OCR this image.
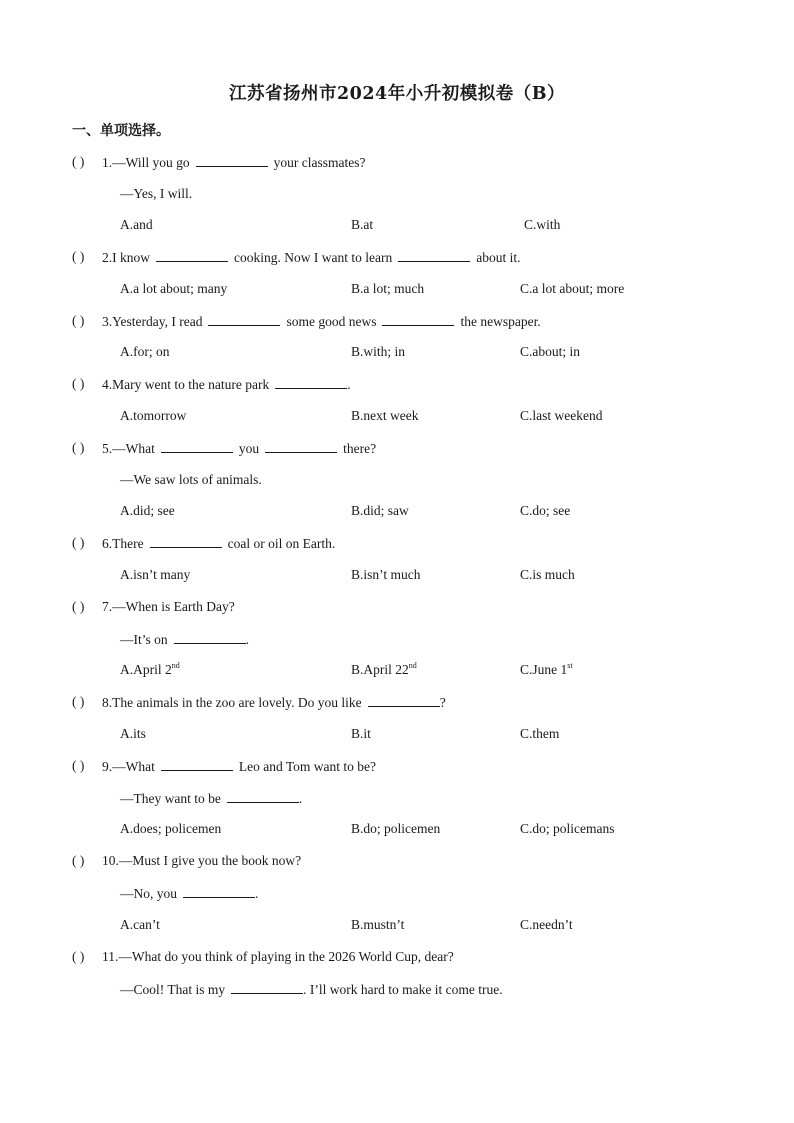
江苏省扬州市2024年小升初模拟卷（B）
一、单项选择。
( ) 1.—Will you go	your classmates?
—Yes, I will.
A.and	B.at	C.with
( ) 2.I know	cooking. Now I want to learn	about it.
A.a lot about; many	B.a lot; much	C.a lot about; more
( ) 3.Yesterday, I read	some good news	the newspaper.
A.for; on	B.with; in	C.about; in
( ) 4.Mary went to the nature park	.
A.tomorrow	B.next week	C.last weekend
( ) 5.—What	you	there?
—We saw lots of animals.
A.did; see	B.did; saw	C.do; see
( ) 6.There	coal or oil on Earth.
A.isn’t many	B.isn’t much	C.is much
( ) 7.—When is Earth Day?
—It’s on	.
A.April 2nd	B.April 22nd	C.June 1st
( ) 8.The animals in the zoo are lovely. Do you like	?
A.its	B.it	C.them
( ) 9.—What	Leo and Tom want to be?
—They want to be	.
A.does; policemen	B.do; policemen	C.do; policemans
( ) 10.—Must I give you the book now?
—No, you	.
A.can’t	B.mustn’t	C.needn’t
( ) 11.—What do you think of playing in the 2026 World Cup, dear?
—Cool! That is my	. I’ll work hard to make it come true.
